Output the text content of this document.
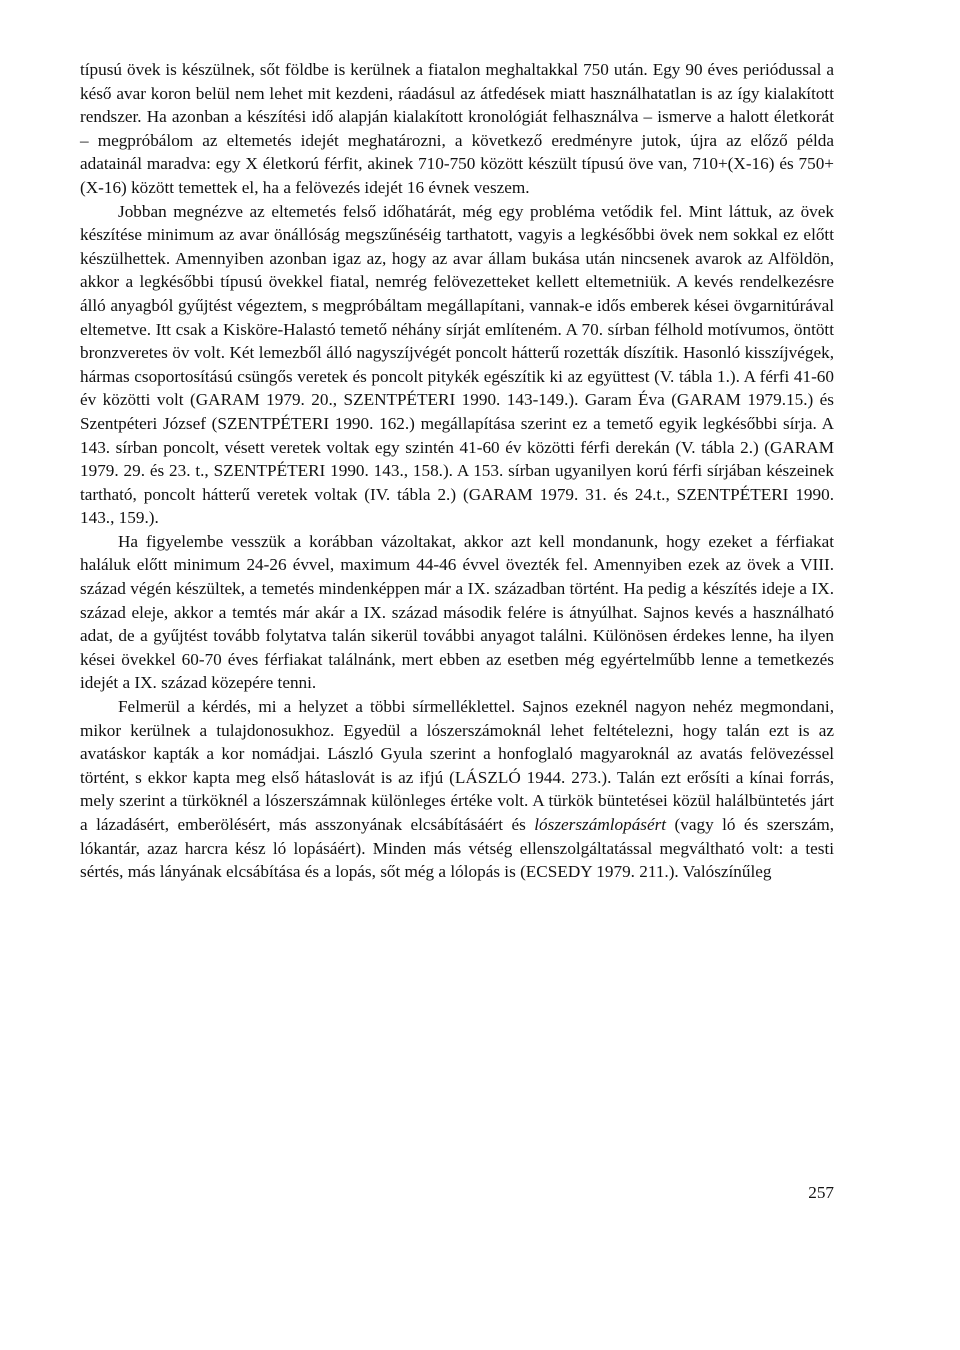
típusú övek is készülnek, sőt földbe is kerülnek a fiatalon meghaltakkal 750 után. Egy 90 éves periódussal a késő avar koron belül nem lehet mit kezdeni, ráadásul az átfedések miatt használhatatlan is az így kialakított rendszer. Ha azonban a készítési idő alapján kialakított kronológiát felhasználva – ismerve a halott életkorát – megpróbálom az eltemetés idejét meghatározni, a következő eredményre jutok, újra az előző példa adatainál maradva: egy X életkorú férfit, akinek 710-750 között készült típusú öve van, 710+(X-16) és 750+(X-16) között temettek el, ha a felövezés idejét 16 évnek veszem.

Jobban megnézve az eltemetés felső időhatárát, még egy probléma vetődik fel. Mint láttuk, az övek készítése minimum az avar önállóság megszűnéséig tarthatott, vagyis a legkésőbbi övek nem sokkal ez előtt készülhettek. Amennyiben azonban igaz az, hogy az avar állam bukása után nincsenek avarok az Alföldön, akkor a legkésőbbi típusú övekkel fiatal, nemrég felövezetteket kellett eltemetniük. A kevés rendelkezésre álló anyagból gyűjtést végeztem, s megpróbáltam megállapítani, vannak-e idős emberek kései övgarnitúrával eltemetve. Itt csak a Kisköre-Halastó temető néhány sírját említeném. A 70. sírban félhold motívumos, öntött bronzveretes öv volt. Két lemezből álló nagyszíjvégét poncolt hátterű rozetták díszítik. Hasonló kisszíjvégek, hármas csoportosítású csüngős veretek és poncolt pitykék egészítik ki az együttest (V. tábla 1.). A férfi 41-60 év közötti volt (GARAM 1979. 20., SZENTPÉTERI 1990. 143-149.). Garam Éva (GARAM 1979.15.) és Szentpéteri József (SZENTPÉTERI 1990. 162.) megállapítása szerint ez a temető egyik legkésőbbi sírja. A 143. sírban poncolt, vésett veretek voltak egy szintén 41-60 év közötti férfi derekán (V. tábla 2.) (GARAM 1979. 29. és 23. t., SZENTPÉTERI 1990. 143., 158.). A 153. sírban ugyanilyen korú férfi sírjában készeinek tartható, poncolt hátterű veretek voltak (IV. tábla 2.) (GARAM 1979. 31. és 24.t., SZENTPÉTERI 1990. 143., 159.).

Ha figyelembe vesszük a korábban vázoltakat, akkor azt kell mondanunk, hogy ezeket a férfiakat haláluk előtt minimum 24-26 évvel, maximum 44-46 évvel övezték fel. Amennyiben ezek az övek a VIII. század végén készültek, a temetés mindenképpen már a IX. században történt. Ha pedig a készítés ideje a IX. század eleje, akkor a temtés már akár a IX. század második felére is átnyúlhat. Sajnos kevés a használható adat, de a gyűjtést tovább folytatva talán sikerül további anyagot találni. Különösen érdekes lenne, ha ilyen kései övekkel 60-70 éves férfiakat találnánk, mert ebben az esetben még egyértelműbb lenne a temetkezés idejét a IX. század közepére tenni.

Felmerül a kérdés, mi a helyzet a többi sírmelléklettel. Sajnos ezeknél nagyon nehéz megmondani, mikor kerülnek a tulajdonosukhoz. Egyedül a lószerszámoknál lehet feltételezni, hogy talán ezt is az avatáskor kapták a kor nomádjai. László Gyula szerint a honfoglaló magyaroknál az avatás felövezéssel történt, s ekkor kapta meg első hátaslovát is az ifjú (LÁSZLÓ 1944. 273.). Talán ezt erősíti a kínai forrás, mely szerint a türköknél a lószerszámnak különleges értéke volt. A türkök büntetései közül halálbüntetés járt a lázadásért, emberölésért, más asszonyának elcsábításáért és lószerszámlopásért (vagy ló és szerszám, lókantár, azaz harcra kész ló lopásáért). Minden más vétség ellenszolgáltatással megváltható volt: a testi sértés, más lányának elcsábítása és a lopás, sőt még a lólopás is (ECSEDY 1979. 211.). Valószínűleg

257
